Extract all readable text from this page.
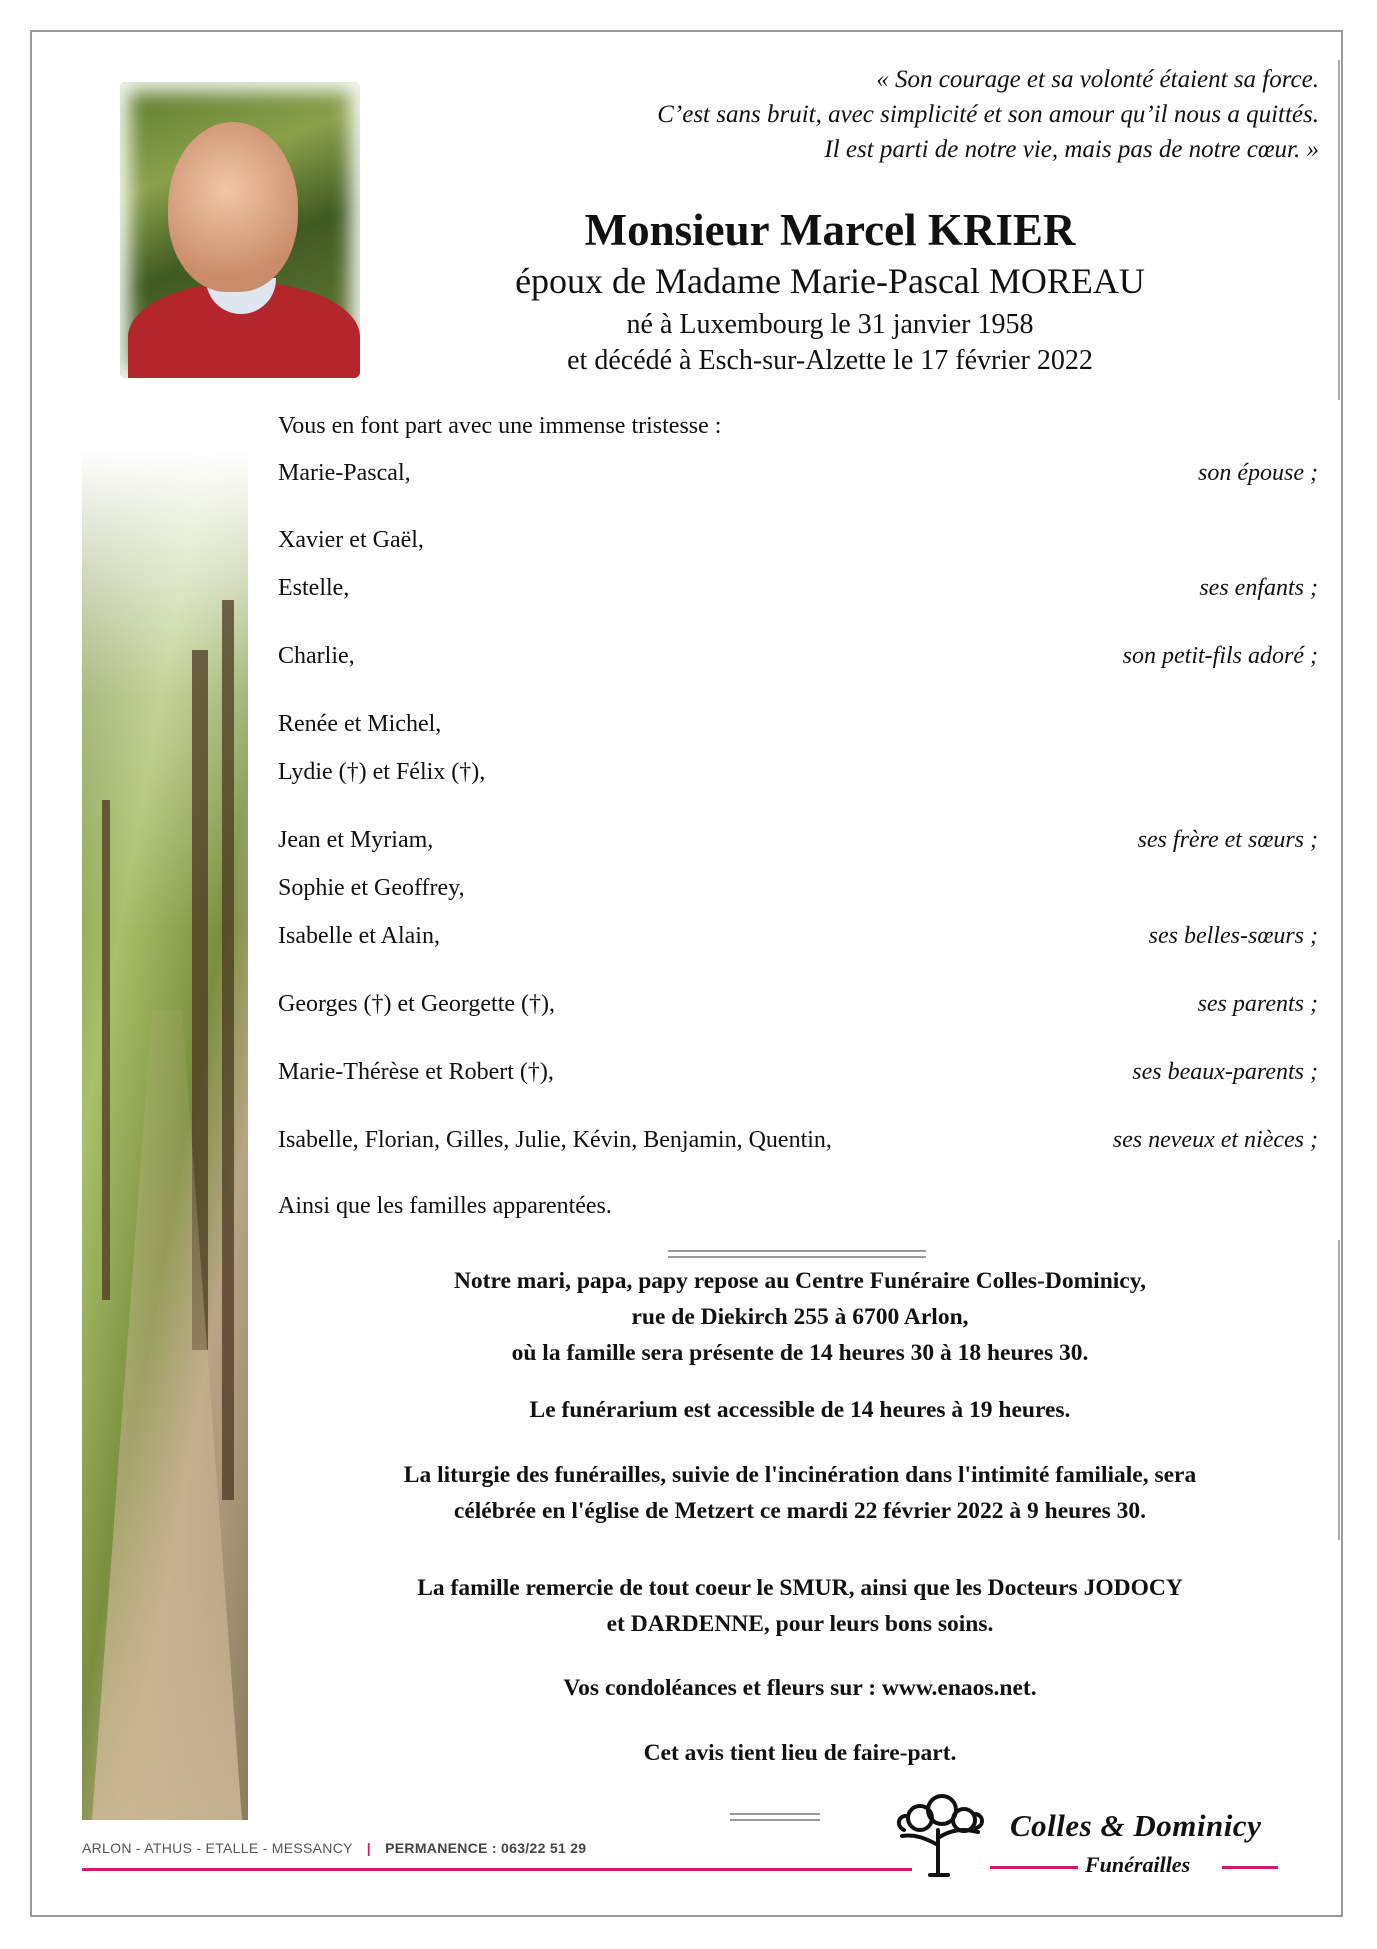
« Son courage et sa volonté étaient sa force.
C’est sans bruit, avec simplicité et son amour qu’il nous a quittés.
Il est parti de notre vie, mais pas de notre cœur. »
Monsieur Marcel KRIER
époux de Madame Marie-Pascal MOREAU
né à Luxembourg le 31 janvier 1958
et décédé à Esch-sur-Alzette le 17 février 2022
Vous en font part avec une immense tristesse :
Marie-Pascal,	son épouse ;
Xavier et Gaël,
Estelle,	ses enfants ;
Charlie,	son petit-fils adoré ;
Renée et Michel,
Lydie (†) et Félix (†),
Jean et Myriam,	ses frère et sœurs ;
Sophie et Geoffrey,
Isabelle et Alain,	ses belles-sœurs ;
Georges (†) et Georgette (†),	ses parents ;
Marie-Thérèse et Robert (†),	ses beaux-parents ;
Isabelle, Florian, Gilles, Julie, Kévin, Benjamin, Quentin,	ses neveux et nièces ;
Ainsi que les familles apparentées.
Notre mari, papa, papy repose au Centre Funéraire Colles-Dominicy,
rue de Diekirch 255 à 6700 Arlon,
où la famille sera présente de 14 heures 30 à 18 heures 30.
Le funérarium est accessible de 14 heures à 19 heures.
La liturgie des funérailles, suivie de l'incinération dans l'intimité familiale, sera
célébrée en l'église de Metzert ce mardi 22 février 2022 à 9 heures 30.
La famille remercie de tout coeur le SMUR, ainsi que les Docteurs JODOCY
et DARDENNE, pour leurs bons soins.
Vos condoléances et fleurs sur : www.enaos.net.
Cet avis tient lieu de faire-part.
ARLON - ATHUS - ETALLE - MESSANCY | PERMANENCE : 063/22 51 29
Colles & Dominicy
Funérailles
